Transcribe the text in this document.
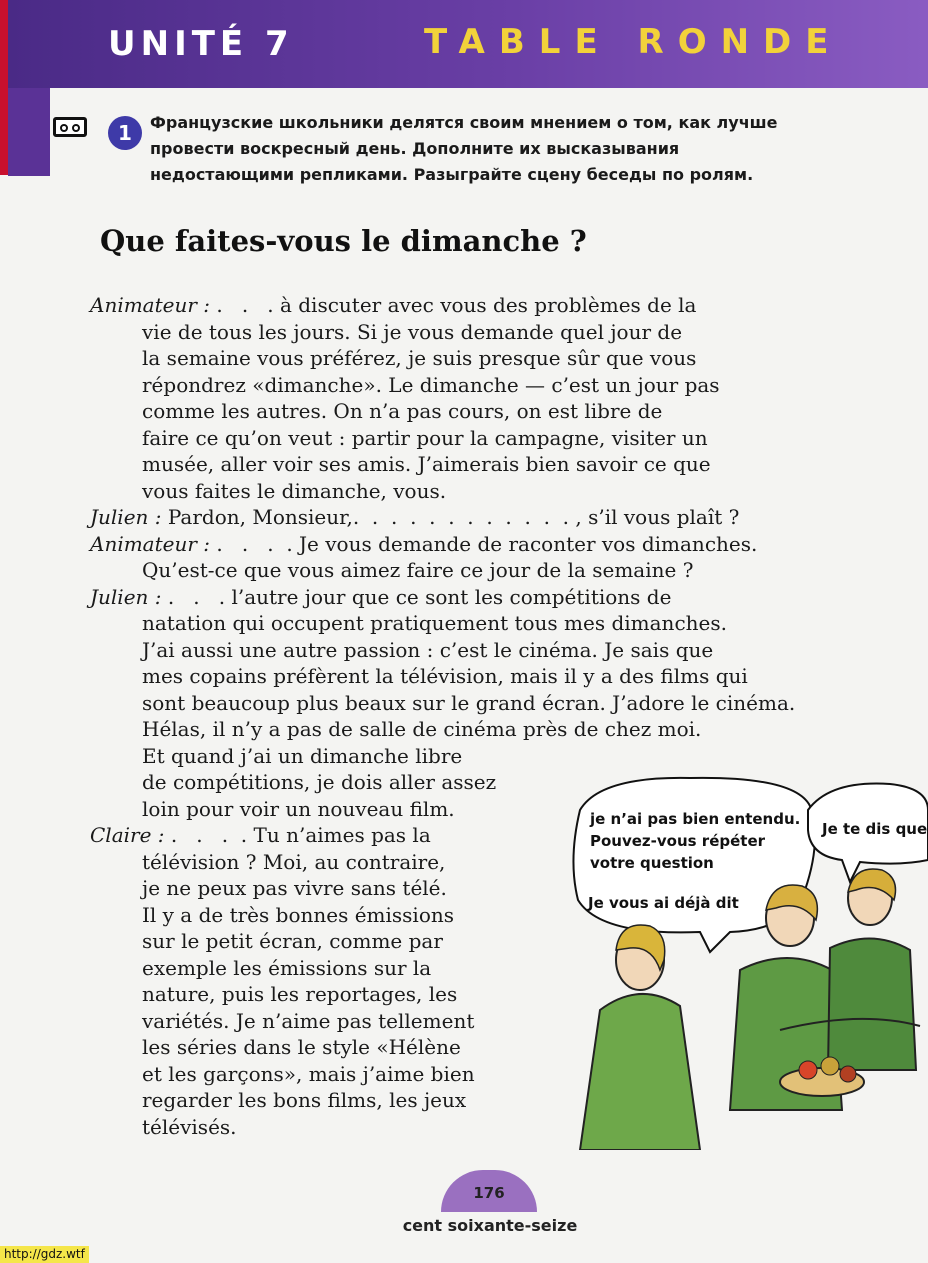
UNITÉ 7	TABLE RONDE
1	Французские школьники делятся своим мнением о том, как лучше
провести воскресный день. Дополните их высказывания
недостающими репликами. Разыграйте сцену беседы по ролям.
Que faites-vous le dimanche ?
Animateur : .   .   . à discuter avec vous des problèmes de la
vie de tous les jours. Si je vous demande quel jour de
la semaine vous préférez, je suis presque sûr que vous
répondrez «dimanche». Le dimanche — c’est un jour pas
comme les autres. On n’a pas cours, on est libre de
faire ce qu’on veut : partir pour la campagne, visiter un
musée, aller voir ses amis. J’aimerais bien savoir ce que
vous faites le dimanche, vous.
Julien : Pardon, Monsieur,.  .  .  .  .  .  .  .  .  .  .  . , s’il vous plaît ?
Animateur : .   .   .  . Je vous demande de raconter vos dimanches.
Qu’est-ce que vous aimez faire ce jour de la semaine ?
Julien : .   .   . l’autre jour que ce sont les compétitions de
natation qui occupent pratiquement tous mes dimanches.
J’ai aussi une autre passion : c’est le cinéma. Je sais que
mes copains préfèrent la télévision, mais il y a des films qui
sont beaucoup plus beaux sur le grand écran. J’adore le cinéma.
Hélas, il n’y a pas de salle de cinéma près de chez moi.
Et quand j’ai un dimanche libre
de compétitions, je dois aller assez
loin pour voir un nouveau film.
Claire : .   .   .  . Tu n’aimes pas la
télévision ? Moi, au contraire,
je ne peux pas vivre sans télé.
Il y a de très bonnes émissions
sur le petit écran, comme par
exemple les émissions sur la
nature, puis les reportages, les
variétés. Je n’aime pas tellement
les séries dans le style «Hélène
et les garçons», mais j’aime bien
regarder les bons films, les jeux
télévisés.
je n’ai pas bien entendu.
Pouvez-vous répéter
votre question
Je vous ai déjà dit
Je te dis que
176
cent soixante-seize
http://gdz.wtf
